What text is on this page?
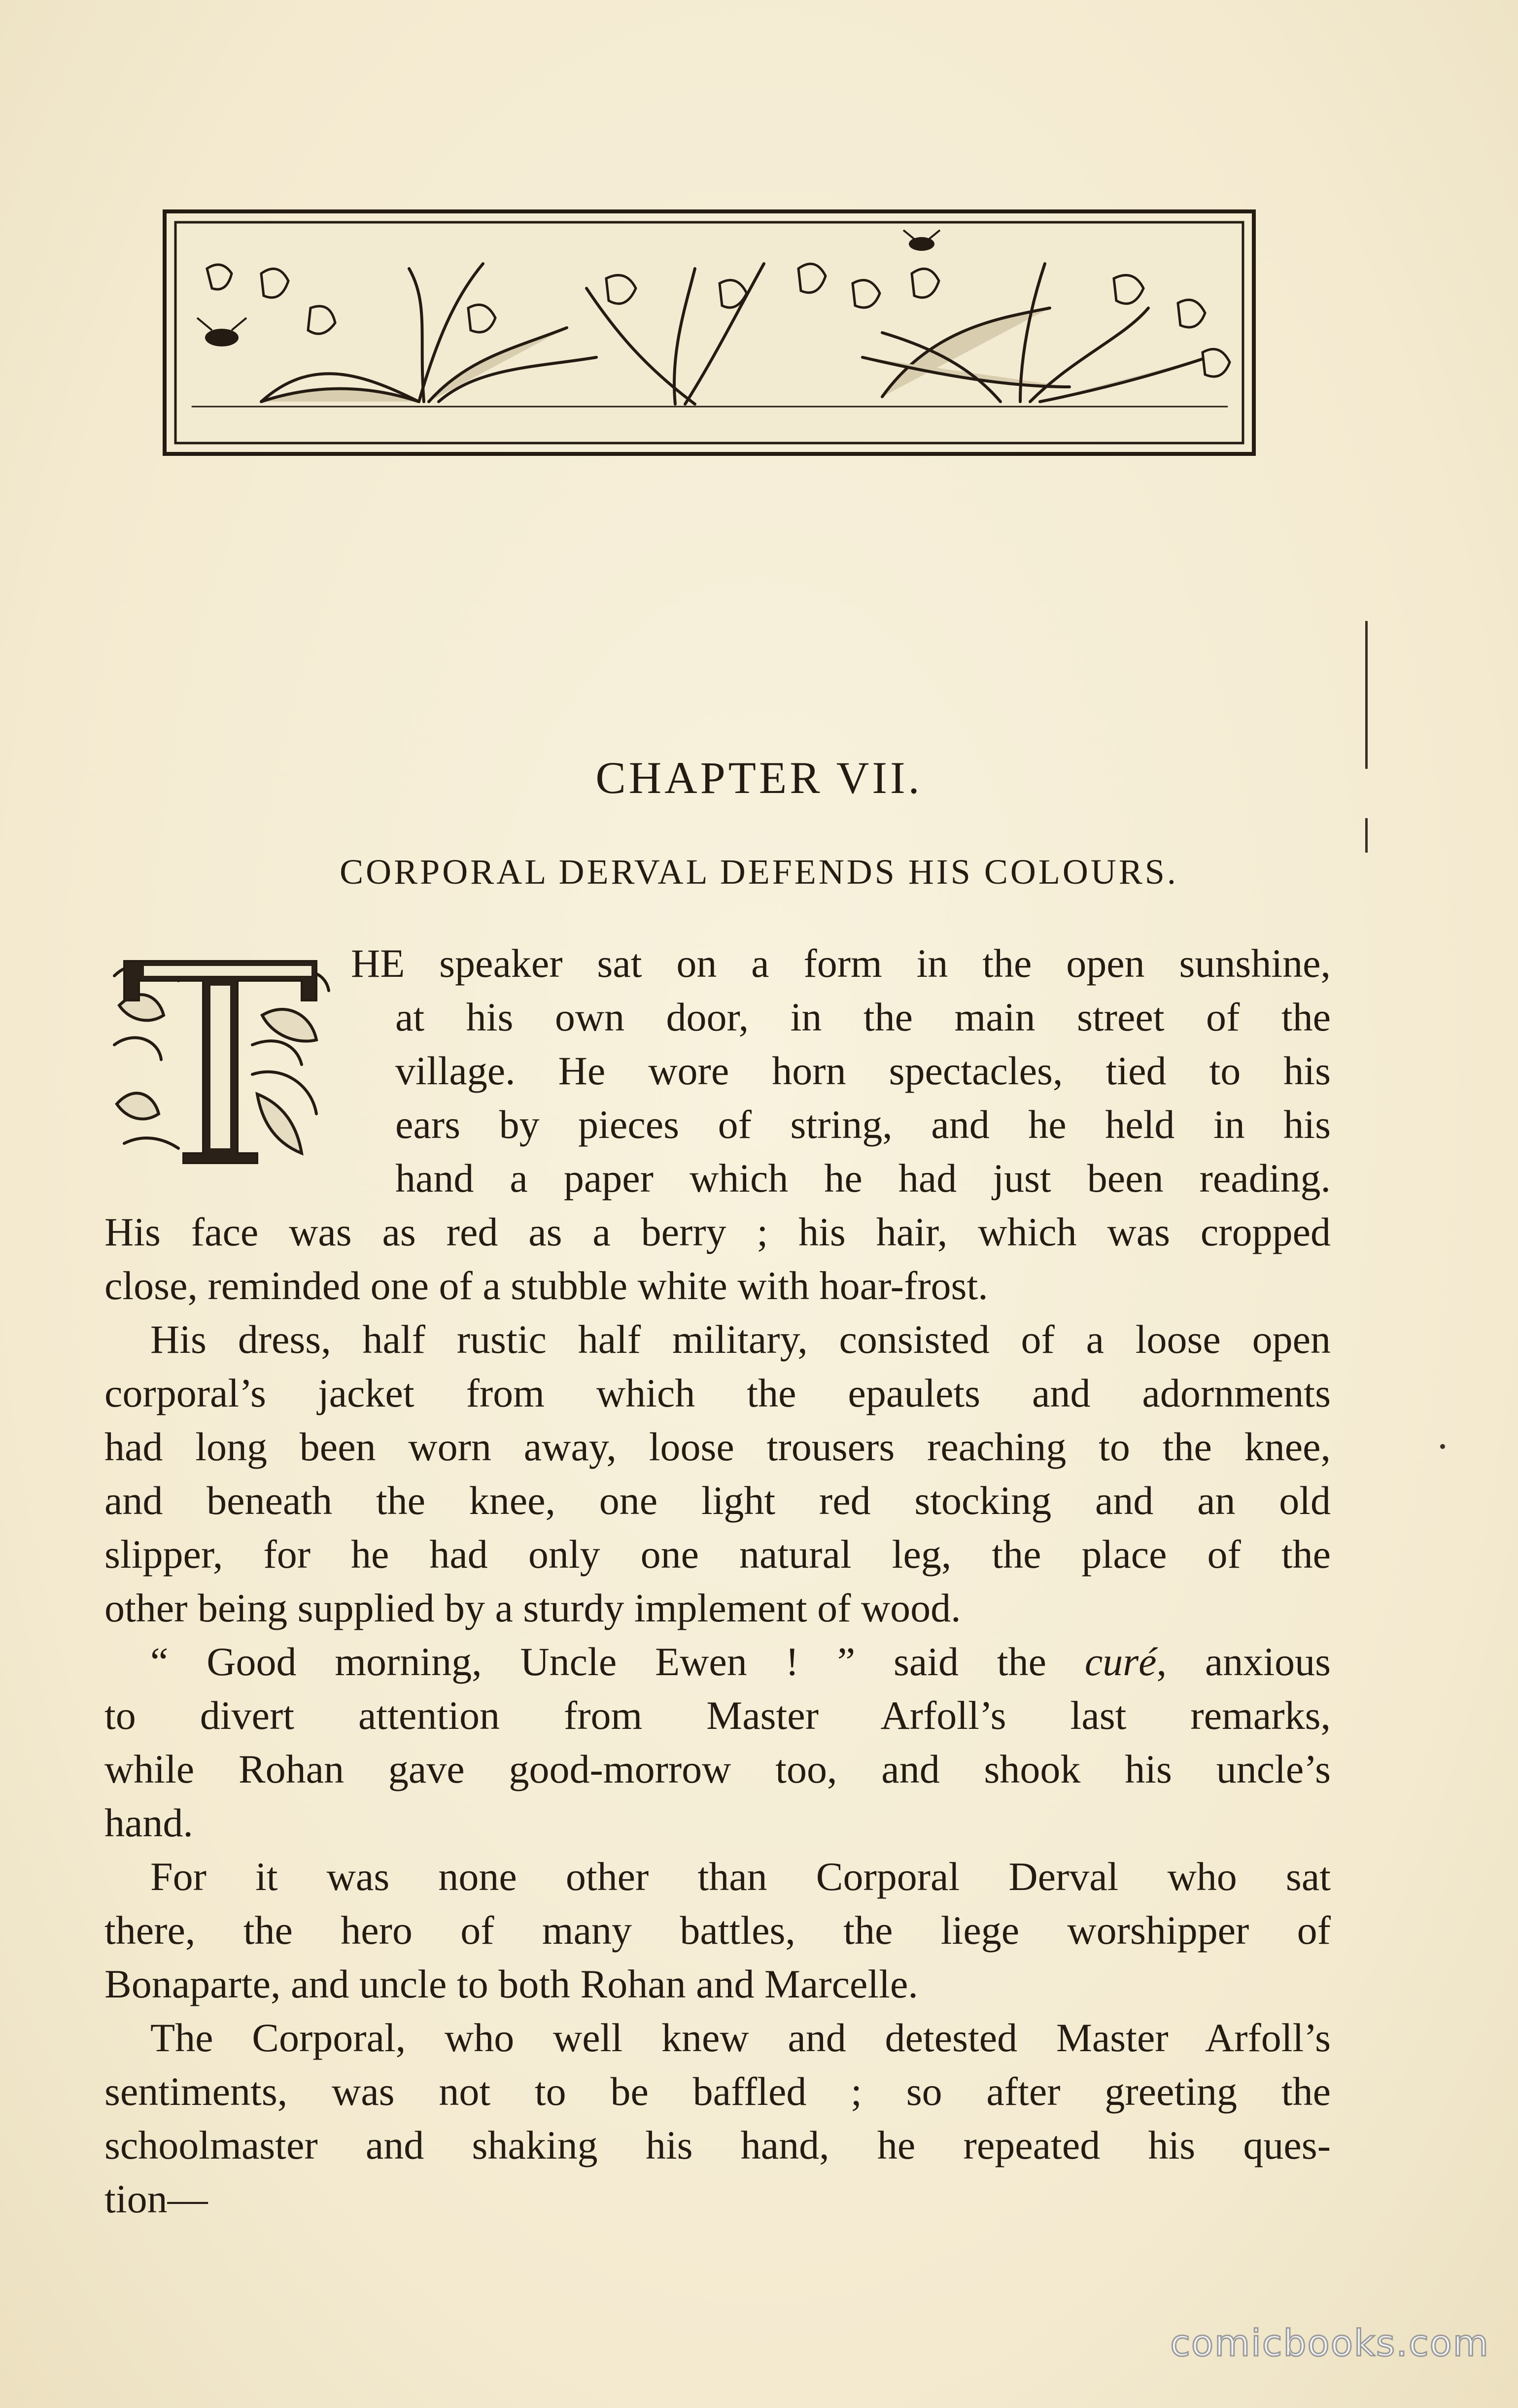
CHAPTER VII.
CORPORAL DERVAL DEFENDS HIS COLOURS.
HE speaker sat on a form in the open sunshine,
at his own door, in the main street of the
village. He wore horn spectacles, tied to his
ears by pieces of string, and he held in his
hand a paper which he had just been reading.
His face was as red as a berry ; his hair, which was cropped
close, reminded one of a stubble white with hoar-frost.
His dress, half rustic half military, consisted of a loose open
corporal’s jacket from which the epaulets and adornments
had long been worn away, loose trousers reaching to the knee,
and beneath the knee, one light red stocking and an old
slipper, for he had only one natural leg, the place of the
other being supplied by a sturdy implement of wood.
“ Good morning, Uncle Ewen ! ” said the curé, anxious
to divert attention from Master Arfoll’s last remarks,
while Rohan gave good-morrow too, and shook his uncle’s
hand.
For it was none other than Corporal Derval who sat
there, the hero of many battles, the liege worshipper of
Bonaparte, and uncle to both Rohan and Marcelle.
The Corporal, who well knew and detested Master Arfoll’s
sentiments, was not to be baffled ; so after greeting the
schoolmaster and shaking his hand, he repeated his ques-
tion—
comicbooks.com
